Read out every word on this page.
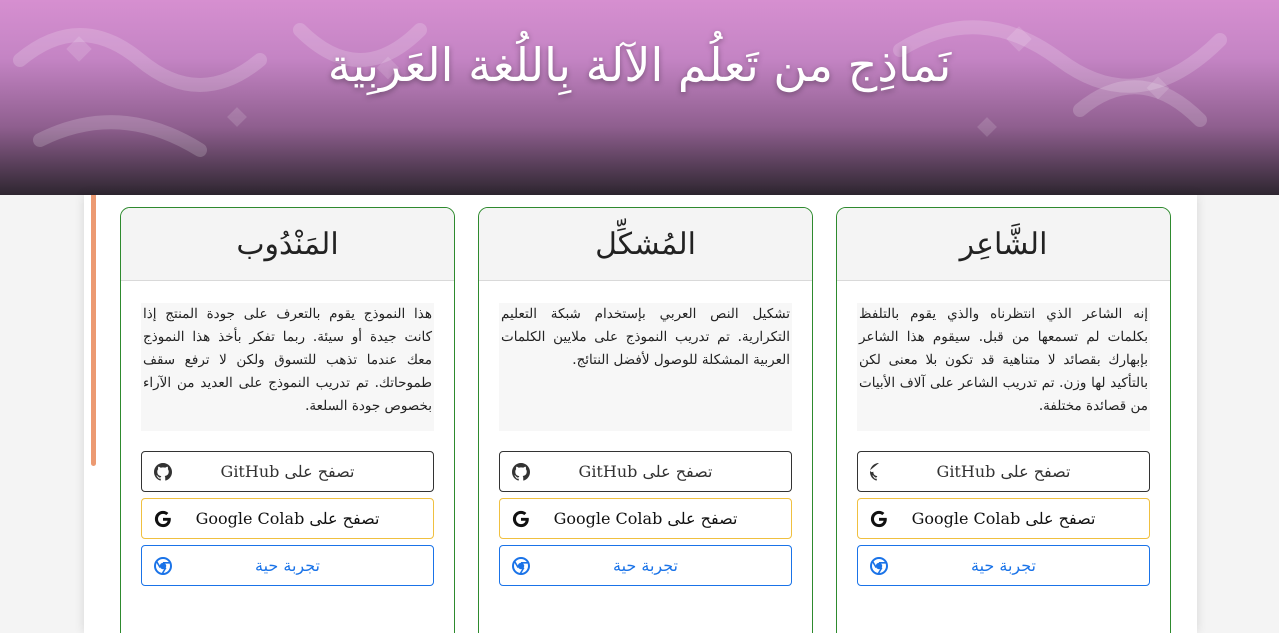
نَماذِج من تَعلُم الآلة بِاللُغة العَربِية
المَنْدُوب
هذا النموذج يقوم بالتعرف على جودة المنتج إذا كانت جيدة أو سيئة. ربما تفكر بأخذ هذا النموذج معك عندما تذهب للتسوق ولكن لا ترفع سقف طموحاتك. تم تدريب النموذج على العديد من الآراء بخصوص جودة السلعة.
تصفح على GitHub
تصفح على Google Colab
تجربة حية
المُشكِّل
تشكيل النص العربي بإستخدام شبكة التعليم التكرارية. تم تدريب النموذج على ملايين الكلمات العربية المشكلة للوصول لأفضل النتائج.
تصفح على GitHub
تصفح على Google Colab
تجربة حية
الشَّاعِر
إنه الشاعر الذي انتظرناه والذي يقوم بالتلفظ بكلمات لم تسمعها من قبل. سيقوم هذا الشاعر بإبهارك بقصائد لا متناهية قد تكون بلا معنى لكن بالتأكيد لها وزن. تم تدريب الشاعر على آلاف الأبيات من قصائدة مختلفة.
تصفح على GitHub
تصفح على Google Colab
تجربة حية
